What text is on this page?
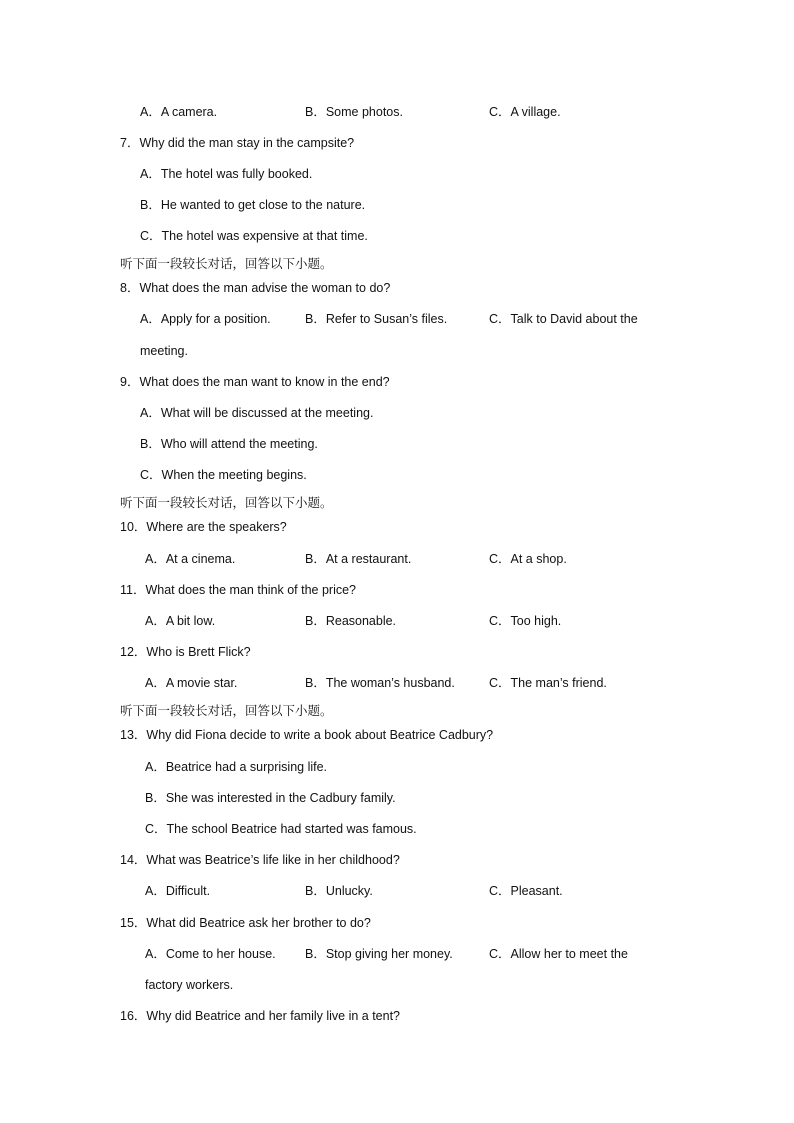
A．A camera.	B．Some photos.	C．A village.
7．Why did the man stay in the campsite?
A．The hotel was fully booked.
B．He wanted to get close to the nature.
C．The hotel was expensive at that time.
听下面一段较长对话，回答以下小题。
8．What does the man advise the woman to do?
A．Apply for a position.	B．Refer to Susan’s files.	C．Talk to David about the
meeting.
9．What does the man want to know in the end?
A．What will be discussed at the meeting.
B．Who will attend the meeting.
C．When the meeting begins.
听下面一段较长对话，回答以下小题。
10．Where are the speakers?
A．At a cinema.	B．At a restaurant.	C．At a shop.
11．What does the man think of the price?
A．A bit low.	B．Reasonable.	C．Too high.
12．Who is Brett Flick?
A．A movie star.	B．The woman’s husband.	C．The man’s friend.
听下面一段较长对话，回答以下小题。
13．Why did Fiona decide to write a book about Beatrice Cadbury?
A．Beatrice had a surprising life.
B．She was interested in the Cadbury family.
C．The school Beatrice had started was famous.
14．What was Beatrice’s life like in her childhood?
A．Difficult.	B．Unlucky.	C．Pleasant.
15．What did Beatrice ask her brother to do?
A．Come to her house. B．Stop giving her money.	C．Allow her to meet the
factory workers.
16．Why did Beatrice and her family live in a tent?
